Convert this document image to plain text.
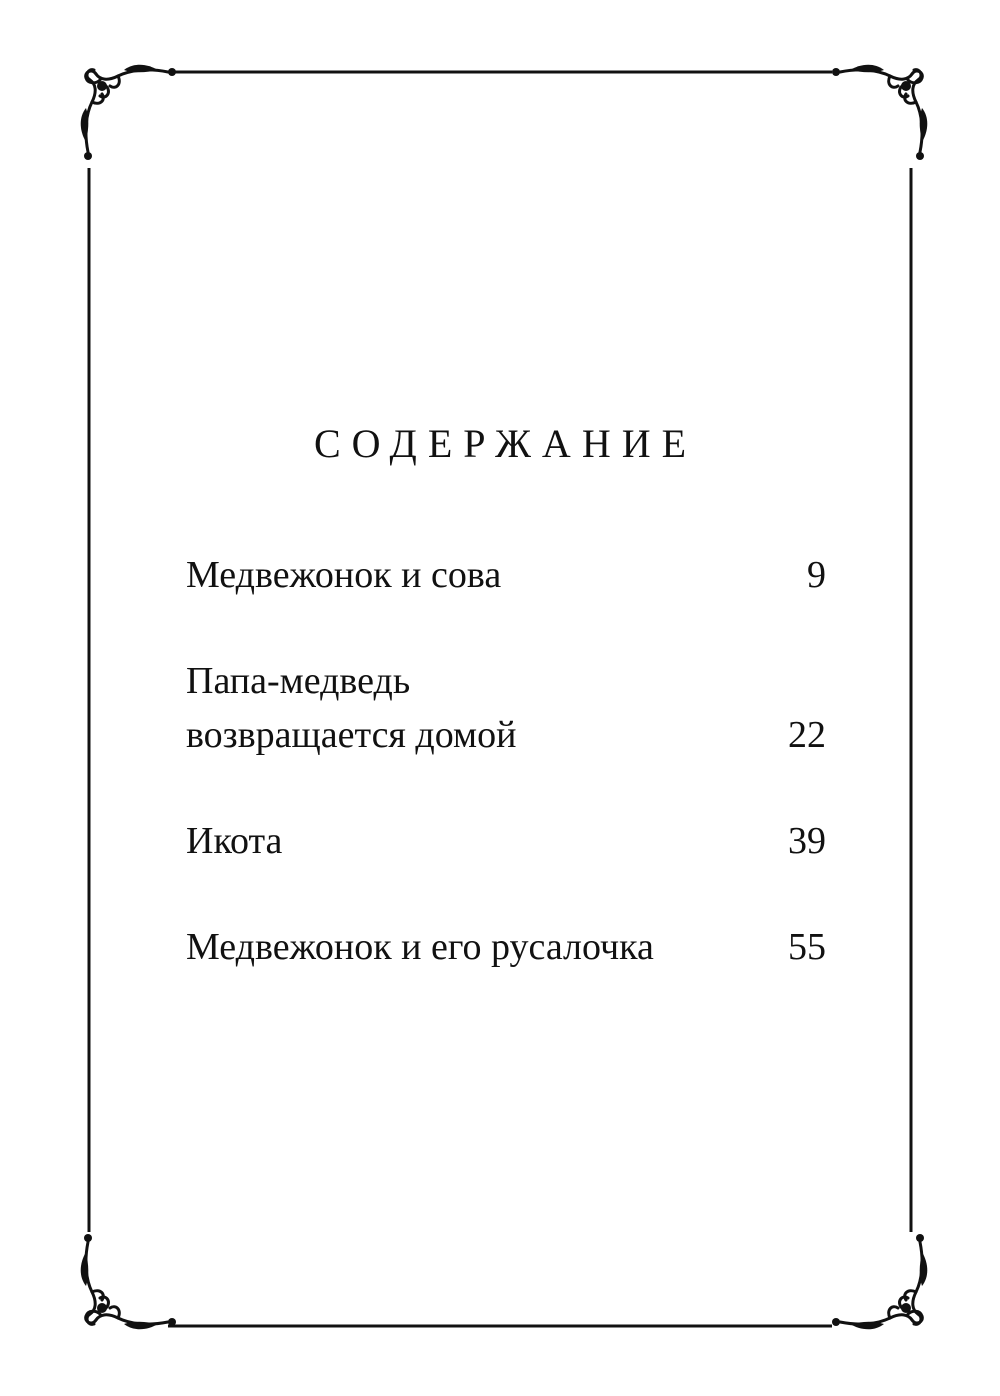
СОДЕРЖАНИЕ
Медвежонок и сова	9
Папа-медведь
возвращается домой	22
Икота	39
Медвежонок и его русалочка	55
